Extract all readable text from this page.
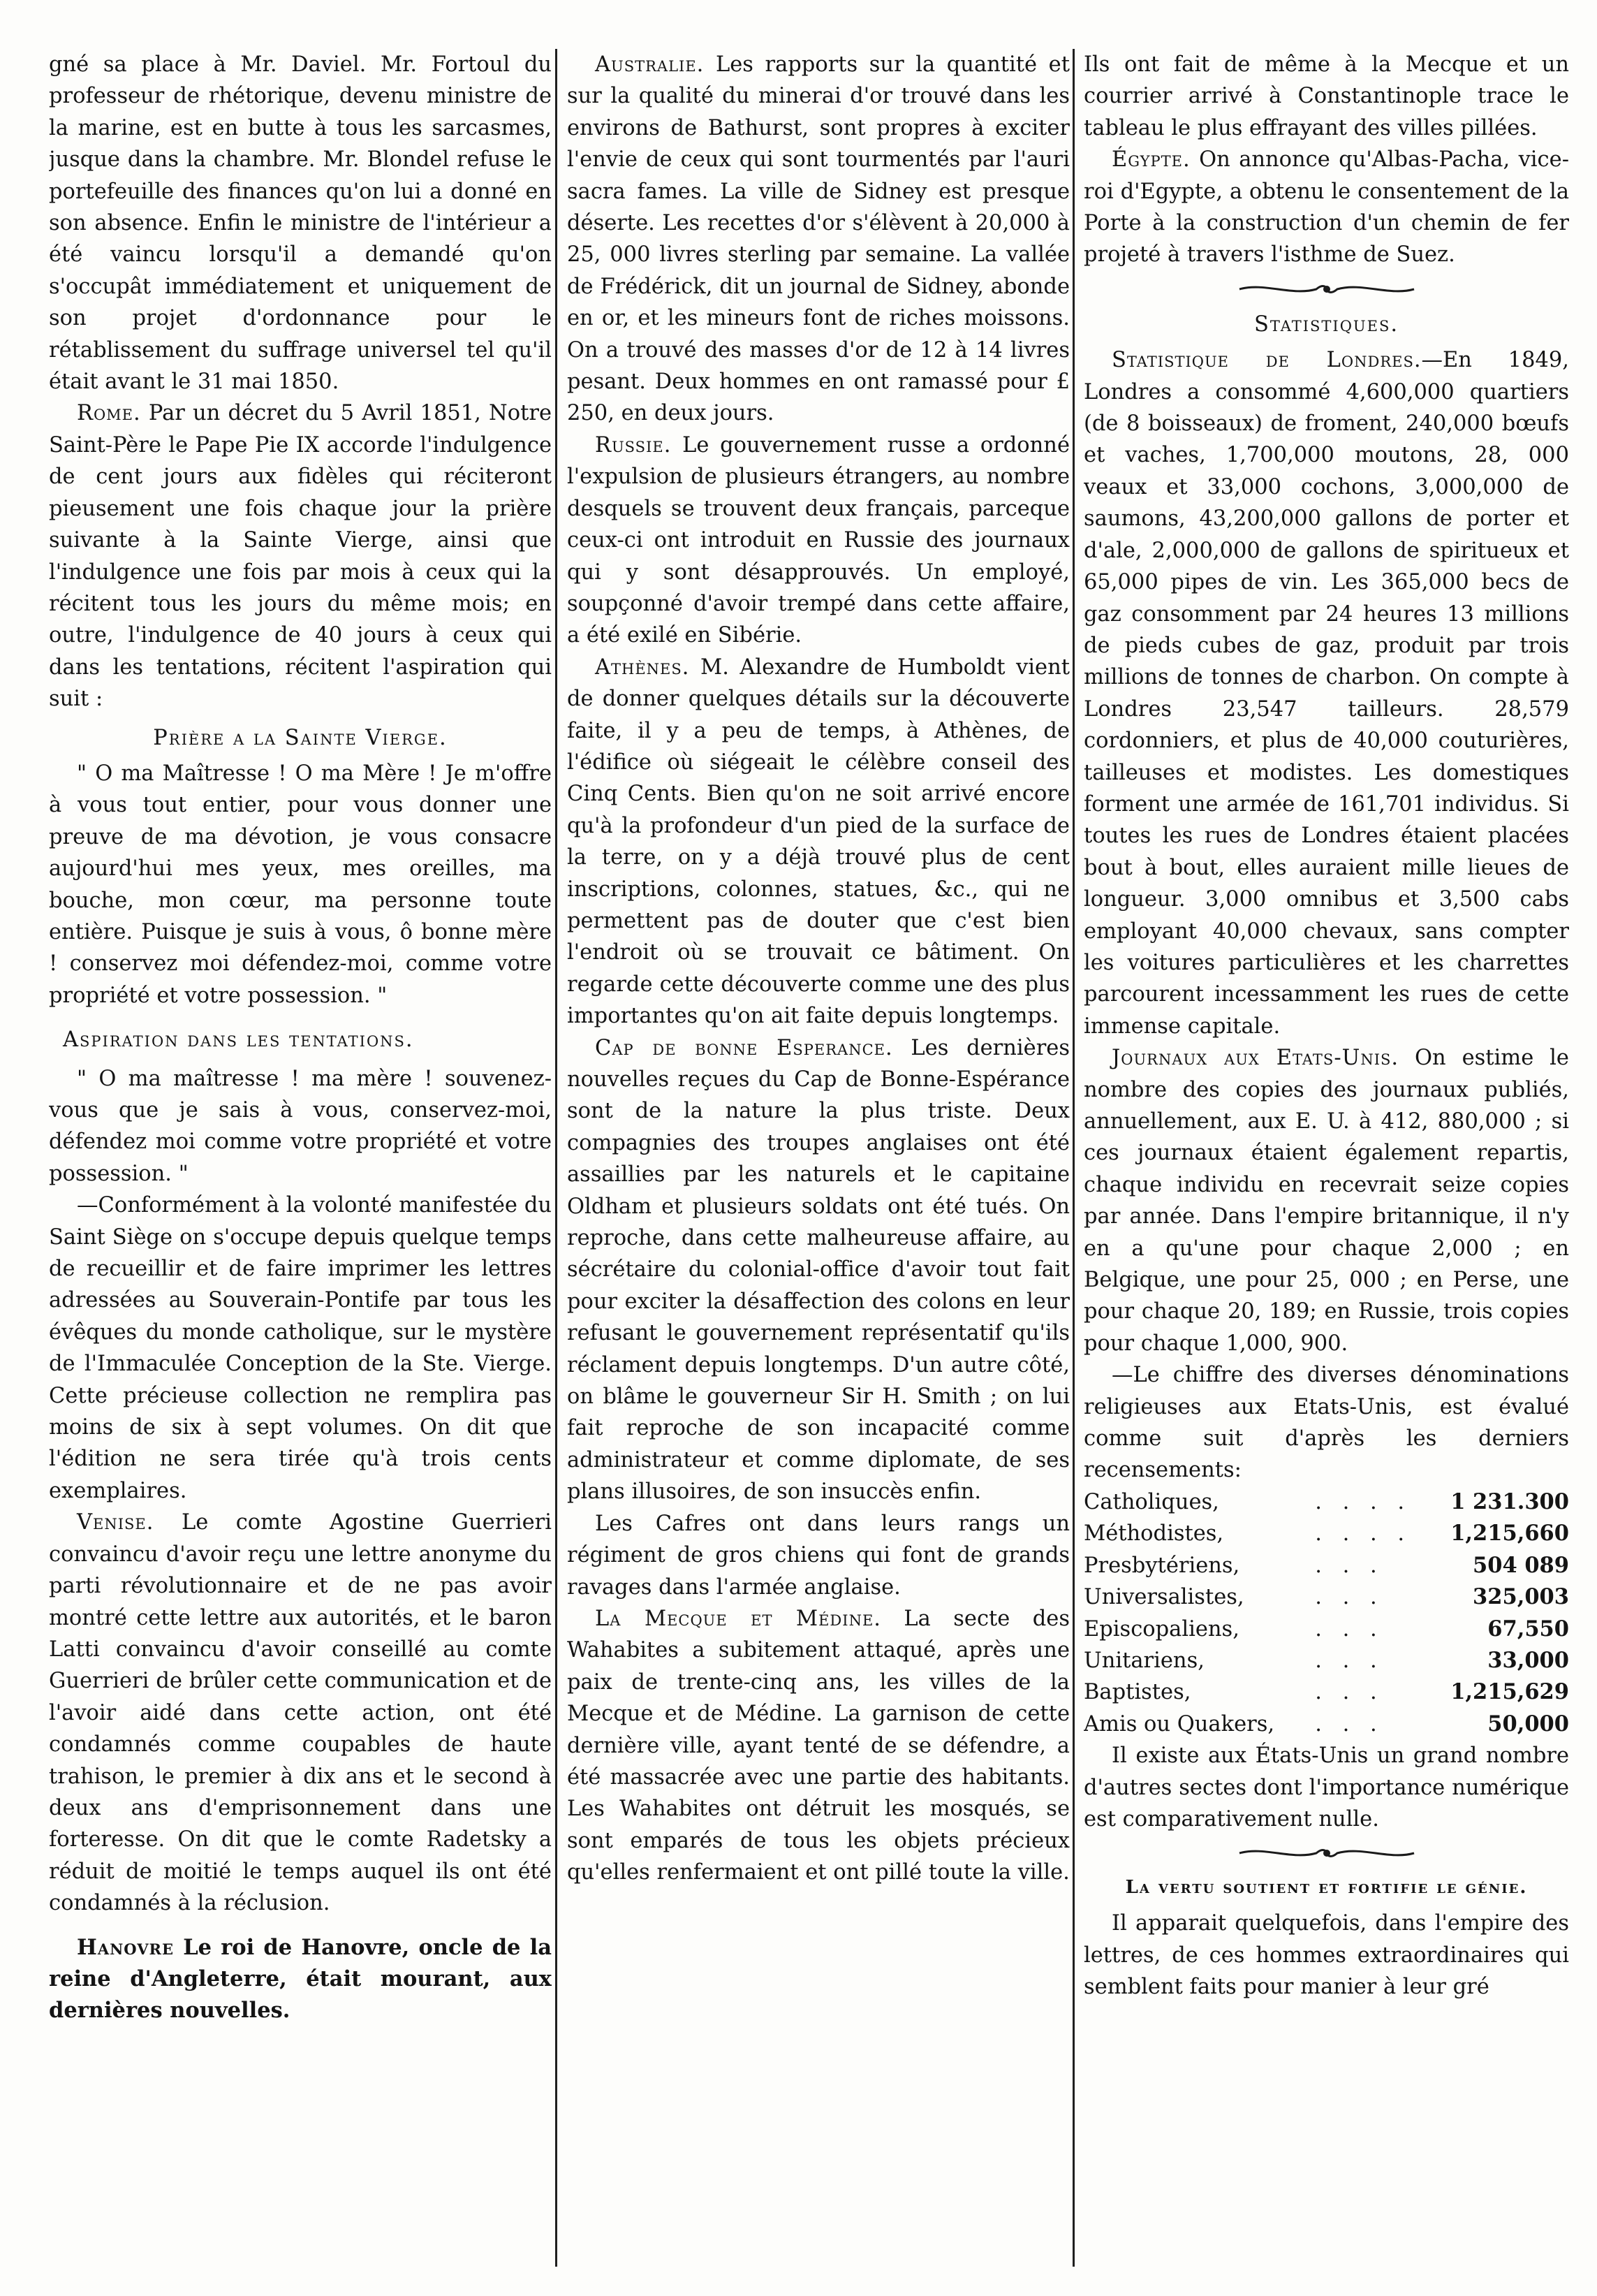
gné sa place à Mr. Daviel. Mr. Fortoul du professeur de rhétorique, devenu ministre de la marine, est en butte à tous les sarcasmes, jusque dans la chambre. Mr. Blondel refuse le portefeuille des finances qu'on lui a donné en son absence. Enfin le ministre de l'intérieur a été vaincu lorsqu'il a demandé qu'on s'occupât immédiatement et uniquement de son projet d'ordonnance pour le rétablissement du suffrage universel tel qu'il était avant le 31 mai 1850.

Rome. Par un décret du 5 Avril 1851, Notre Saint-Père le Pape Pie IX accorde l'indulgence de cent jours aux fidèles qui réciteront pieusement une fois chaque jour la prière suivante à la Sainte Vierge, ainsi que l'indulgence une fois par mois à ceux qui la récitent tous les jours du même mois; en outre, l'indulgence de 40 jours à ceux qui dans les tentations, récitent l'aspiration qui suit :

Prière a la Sainte Vierge.

" O ma Maîtresse ! O ma Mère ! Je m'offre à vous tout entier, pour vous donner une preuve de ma dévotion, je vous consacre aujourd'hui mes yeux, mes oreilles, ma bouche, mon cœur, ma personne toute entière. Puisque je suis à vous, ô bonne mère ! conservez moi défendez-moi, comme votre propriété et votre possession. "

Aspiration dans les tentations.

" O ma maîtresse ! ma mère ! souvenez-vous que je sais à vous, conservez-moi, défendez moi comme votre propriété et votre possession. "

—Conformément à la volonté manifestée du Saint Siège on s'occupe depuis quelque temps de recueillir et de faire imprimer les lettres adressées au Souverain-Pontife par tous les évêques du monde catholique, sur le mystère de l'Immaculée Conception de la Ste. Vierge. Cette précieuse collection ne remplira pas moins de six à sept volumes. On dit que l'édition ne sera tirée qu'à trois cents exemplaires.

Venise. Le comte Agostine Guerrieri convaincu d'avoir reçu une lettre anonyme du parti révolutionnaire et de ne pas avoir montré cette lettre aux autorités, et le baron Latti convaincu d'avoir conseillé au comte Guerrieri de brûler cette communication et de l'avoir aidé dans cette action, ont été condamnés comme coupables de haute trahison, le premier à dix ans et le second à deux ans d'emprisonnement dans une forteresse. On dit que le comte Radetsky a réduit de moitié le temps auquel ils ont été condamnés à la réclusion.

Hanovre Le roi de Hanovre, oncle de la reine d'Angleterre, était mourant, aux dernières nouvelles.

Australie. Les rapports sur la quantité et sur la qualité du minerai d'or trouvé dans les environs de Bathurst, sont propres à exciter l'envie de ceux qui sont tourmentés par l'auri sacra fames. La ville de Sidney est presque déserte. Les recettes d'or s'élèvent à 20,000 à 25, 000 livres sterling par semaine. La vallée de Frédérick, dit un journal de Sidney, abonde en or, et les mineurs font de riches moissons. On a trouvé des masses d'or de 12 à 14 livres pesant. Deux hommes en ont ramassé pour £ 250, en deux jours.

Russie. Le gouvernement russe a ordonné l'expulsion de plusieurs étrangers, au nombre desquels se trouvent deux français, parceque ceux-ci ont introduit en Russie des journaux qui y sont désapprouvés. Un employé, soupçonné d'avoir trempé dans cette affaire, a été exilé en Sibérie.

Athènes. M. Alexandre de Humboldt vient de donner quelques détails sur la découverte faite, il y a peu de temps, à Athènes, de l'édifice où siégeait le célèbre conseil des Cinq Cents. Bien qu'on ne soit arrivé encore qu'à la profondeur d'un pied de la surface de la terre, on y a déjà trouvé plus de cent inscriptions, colonnes, statues, &c., qui ne permettent pas de douter que c'est bien l'endroit où se trouvait ce bâtiment. On regarde cette découverte comme une des plus importantes qu'on ait faite depuis longtemps.

Cap de bonne Esperance. Les dernières nouvelles reçues du Cap de Bonne-Espérance sont de la nature la plus triste. Deux compagnies des troupes anglaises ont été assaillies par les naturels et le capitaine Oldham et plusieurs soldats ont été tués. On reproche, dans cette malheureuse affaire, au sécrétaire du colonial-office d'avoir tout fait pour exciter la désaffection des colons en leur refusant le gouvernement représentatif qu'ils réclament depuis longtemps. D'un autre côté, on blâme le gouverneur Sir H. Smith ; on lui fait reproche de son incapacité comme administrateur et comme diplomate, de ses plans illusoires, de son insuccès enfin.

Les Cafres ont dans leurs rangs un régiment de gros chiens qui font de grands ravages dans l'armée anglaise.

La Mecque et Médine. La secte des Wahabites a subitement attaqué, après une paix de trente-cinq ans, les villes de la Mecque et de Médine. La garnison de cette dernière ville, ayant tenté de se défendre, a été massacrée avec une partie des habitants. Les Wahabites ont détruit les mosqués, se sont emparés de tous les objets précieux qu'elles renfermaient et ont pillé toute la ville.

Ils ont fait de même à la Mecque et un courrier arrivé à Constantinople trace le tableau le plus effrayant des villes pillées.

Égypte. On annonce qu'Albas-Pacha, vice-roi d'Egypte, a obtenu le consentement de la Porte à la construction d'un chemin de fer projeté à travers l'isthme de Suez.

Statistiques.

Statistique de Londres.—En 1849, Londres a consommé 4,600,000 quartiers (de 8 boisseaux) de froment, 240,000 bœufs et vaches, 1,700,000 moutons, 28, 000 veaux et 33,000 cochons, 3,000,000 de saumons, 43,200,000 gallons de porter et d'ale, 2,000,000 de gallons de spiritueux et 65,000 pipes de vin. Les 365,000 becs de gaz consomment par 24 heures 13 millions de pieds cubes de gaz, produit par trois millions de tonnes de charbon. On compte à Londres 23,547 tailleurs. 28,579 cordonniers, et plus de 40,000 couturières, tailleuses et modistes. Les domestiques forment une armée de 161,701 individus. Si toutes les rues de Londres étaient placées bout à bout, elles auraient mille lieues de longueur. 3,000 omnibus et 3,500 cabs employant 40,000 chevaux, sans compter les voitures particulières et les charrettes parcourent incessamment les rues de cette immense capitale.

Journaux aux Etats-Unis. On estime le nombre des copies des journaux publiés, annuellement, aux E. U. à 412, 880,000 ; si ces journaux étaient également repartis, chaque individu en recevrait seize copies par année. Dans l'empire britannique, il n'y en a qu'une pour chaque 2,000 ; en Belgique, une pour 25, 000 ; en Perse, une pour chaque 20, 189; en Russie, trois copies pour chaque 1,000, 900.

—Le chiffre des diverses dénominations religieuses aux Etats-Unis, est évalué comme suit d'après les derniers recensements:

Catholiques,	. . . .	1 231.300
Méthodistes,	. . . .	1,215,660
Presbytériens,	. . .	504 089
Universalistes,	. . .	325,003
Episcopaliens,	. . .	67,550
Unitariens,	. . .	33,000
Baptistes,	. . .	1,215,629
Amis ou Quakers,	. . .	50,000

Il existe aux États-Unis un grand nombre d'autres sectes dont l'importance numérique est comparativement nulle.

La vertu soutient et fortifie le génie.

Il apparait quelquefois, dans l'empire des lettres, de ces hommes extraordinaires qui semblent faits pour manier à leur gré
